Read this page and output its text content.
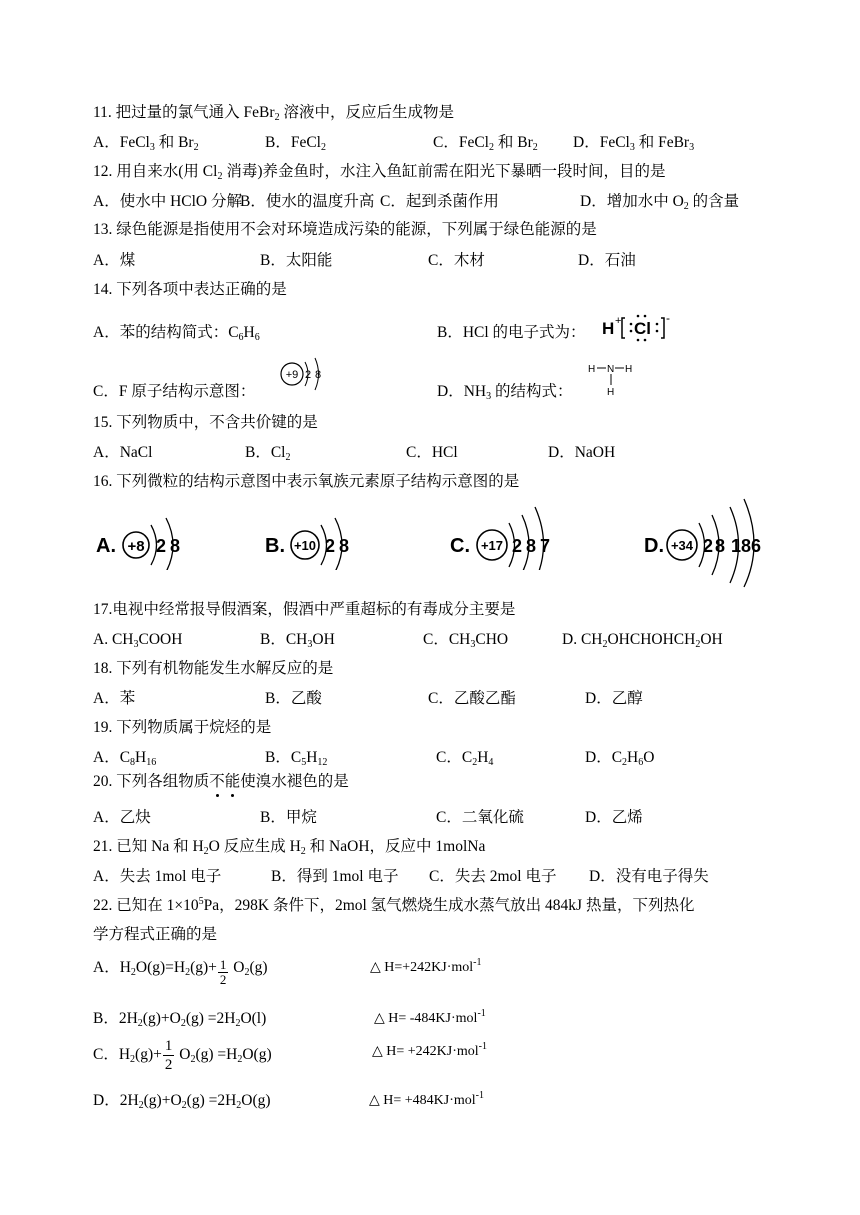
11. 把过量的氯气通入 FeBr$_2$ 溶液中，反应后生成物是
A．FeCl$_3$ 和 $Br_2$	B．FeCl$_2$	C．FeCl$_2$ 和 $Br_2$ D．FeCl$_3$ 和 FeBr$_3$
12. 用自来水(用 $Cl_2$ 消毒)养金鱼时，水注入鱼缸前需在阳光下暴晒一段时间，目的是
A．使水中 HClO 分解
B．使水的温度升高 C．起到杀菌作用	D．增加水中 $O_2$ 的含量
13. 绿色能源是指使用不会对环境造成污染的能源，下列属于绿色能源的是
A．煤	B．太阳能	C．木材	D．石油
14. 下列各项中表达正确的是
A．苯的结构简式：$C_6H_6$	B．HCl 的电子式为： H + Cl
-
C．F 原子结构示意图：	D．$NH_3$ 的结构式：
+9 2 8	H N H
H
15. 下列物质中，不含共价键的是
A．NaCl	B．$Cl_2$	C．HCl	D．NaOH
16. 下列微粒的结构示意图中表示氧族元素原子结构示意图的是
A. +8 2 8	B. +10 2 8	C. +17 2 8 7	D. +34 2 8 18 6
17.电视中经常报导假酒案，假酒中严重超标的有毒成分主要是
A. $CH_3COOH$	B．$CH_3OH$	C．$CH_3CHO$	D. $CH_2OHCHOHCH_2OH$
18. 下列有机物能发生水解反应的是
A．苯	B．乙酸	C．乙酸乙酯	D．乙醇
19. 下列物质属于烷烃的是
A．$C_8H_{16}$	B．$C_5H_{12}$	C．$C_2H_4$	D．$C_2H_6O$
20. 下列各组物质不能使溴水褪色的是
A．乙炔	B．甲烷	C．二氧化硫	D．乙烯
21. 已知 Na 和 $H_2O$ 反应生成 $H_2$ 和 NaOH，反应中 1molNa
A．失去 1mol 电子	B．得到 1mol 电子 C．失去 2mol 电子 D．没有电子得失
22. 已知在 $1\times 10^5Pa$，298K 条件下，2mol 氢气燃烧生成水蒸气放出 484kJ 热量，下列热化
学方程式正确的是
A．$H_2O(g)=H_2(g)+ \frac{1}{2} O_2(g)$	△ H=+242KJ·mol$^{-1}$
B．$2H_2(g)+O_2(g) =2H_2O(l)$	△ H= -484KJ·mol$^{-1}$
C．$H_2(g)+ \frac{1}{2} O_2(g) =H_2O(g)$	△ H= +242KJ·mol$^{-1}$
D．$2H_2(g)+O_2(g) =2H_2O(g)$	△ H= +484KJ·mol$^{-1}$
